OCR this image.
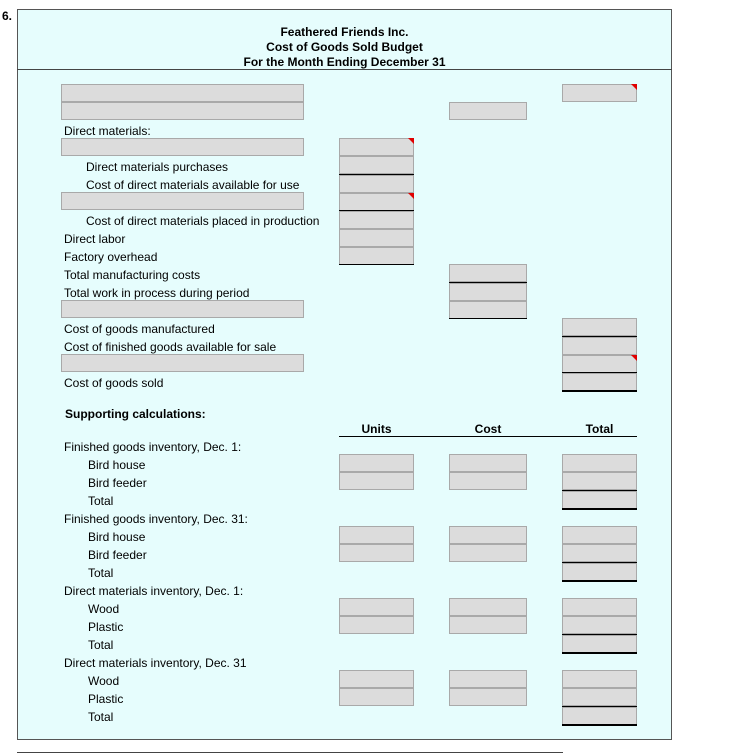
6.
Feathered Friends Inc.
Cost of Goods Sold Budget
For the Month Ending December 31
Direct materials:
Direct materials purchases
Cost of direct materials available for use
Cost of direct materials placed in production
Direct labor
Factory overhead
Total manufacturing costs
Total work in process during period
Cost of goods manufactured
Cost of finished goods available for sale
Cost of goods sold
Supporting calculations:
Units	Cost	Total
Finished goods inventory, Dec. 1:
Bird house
Bird feeder
Total
Finished goods inventory, Dec. 31:
Bird house
Bird feeder
Total
Direct materials inventory, Dec. 1:
Wood
Plastic
Total
Direct materials inventory, Dec. 31
Wood
Plastic
Total
